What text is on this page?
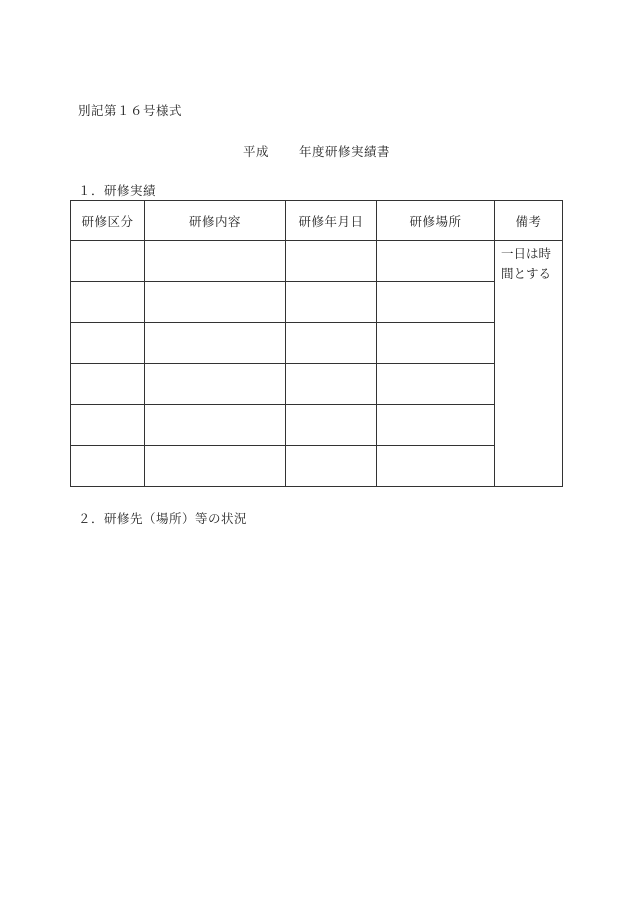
別記第１６号様式

平成 年度研修実績書

１．研修実績

研修区分	研修内容	研修年月日	研修場所	備考
				一日は時間とする

２．研修先（場所）等の状況
